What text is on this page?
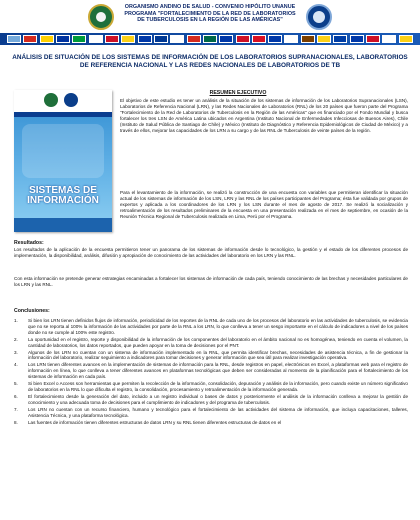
ORGANISMO ANDINO DE SALUD - CONVENIO HIPÓLITO UNANUE
PROGRAMA "FORTALECIMIENTO DE LA RED DE LABORATORIOS
DE TUBERCULOSIS EN LA REGIÓN DE LAS AMÉRICAS"
ANÁLISIS DE SITUACIÓN DE LOS SISTEMAS DE INFORMACIÓN DE LOS LABORATORIOS SUPRANACIONALES, LABORATORIOS DE REFERENCIA NACIONAL Y LAS REDES NACIONALES DE LABORATORIOS DE TB
SISTEMAS DE INFORMACIÓN
RESUMEN EJECUTIVO

El objetivo de este estudio es tener un análisis de la situación de los sistemas de información de los Laboratorios Supranacionales (LSN), Laboratorios de Referencia Nacional (LRN), y las Redes Nacionales de Laboratorios (RNL) de los 20 países que fueron parte del Programa "Fortalecimiento de la Red de Laboratorios de Tuberculosis en la Región de las Américas" que es financiado por el Fondo Mundial y busca fortalecer los tres LSN de América Latina ubicados en Argentina (Instituto Nacional de Enfermedades Infecciosas de Buenos Aires), Chile (Instituto de Salud Pública de Santiago de Chile) y México (Instituto de Diagnóstico y Referencia Epidemiológicos de Ciudad de México) y a través de ellos, mejorar las capacidades de los LRN a su cargo y de las RNL de Tuberculosis de veinte países de la región.

Para el levantamiento de la información, se realizó la construcción de una encuesta con variables que permitieran identificar la situación actual de los sistemas de información de los LSN, LRN y las RNL de los países participantes del Programa; ésta fue validada por grupos de expertos y aplicada a los coordinadores de los LRN y los LSN durante el mes de agosto de 2017. Se realizó la socialización y retroalimentación de los resultados preliminares de la encuesta en una presentación realizada en el mes de septiembre, en ocasión de la Reunión Técnica Regional de Tuberculosis realizada en Lima, Perú por el Programa.

Resultados:

Los resultados de la aplicación de la encuesta permitieron tener un panorama de los sistemas de información desde lo tecnológico, la gestión y el estado de los diferentes procesos de implementación, la disponibilidad, análisis, difusión y apropiación de conocimiento de las actividades del laboratorio en los LRN y las RNL.

Con esta información se pretende generar estrategias encaminadas a fortalecer los sistemas de información de cada país, teniendo conocimiento de las brechas y necesidades particulares de los LRN y las RNL.

Conclusiones:
1.	Si bien los LRN tienen definidos flujos de información, periodicidad de los reportes de la RNL de cada uno de los procesos del laboratorio en las actividades de tuberculosis, se evidencia que no se reporta al 100% la información de las actividades por parte de la RNL a los LRN, lo que conlleva a tener un sesgo importante en el cálculo de indicadores a nivel de los países donde no se cumple al 100% este registro.
2.	La oportunidad en el registro, reporte y disponibilidad de la información de los componentes del laboratorio en el ámbito nacional no es homogénea, teniendo en cuenta el volumen, la cantidad de laboratorios, los datos reportados, que pueden apoyar en la toma de decisiones por el PNT.
3.	Algunos de los LRN no cuentan con un sistema de información implementado en la RNL, que permita identificar brechas, necesidades de asistencia técnica, a fin de gestionar la información del laboratorio, realizar seguimiento a indicadores para tomar decisiones y generar información que sea útil para realizar investigación operativa.
4.	Los LRN tienen diferentes avances en la implementación de sistemas de información para la RNL, desde registros en papel, electrónicos en Excel, a plataformas web para el registro de información en línea, lo que conlleva a tener diferentes avances en plataformas tecnológicas que deben ser consideradas al momento de la planificación para el fortalecimiento de los sistemas de información en cada país.
5.	Si bien Excel o Access son herramientas que permiten la recolección de la información, consolidación, depuración y análisis de la información, pero cuando existe un número significativo de laboratorios en la RNL lo que dificulta el registro, la consolidación, procesamiento y retroalimentación de la información generada.
6.	El fortalecimiento desde la generación del dato, incluido a un registro individual o bases de datos y posteriormente el análisis de la información conlleva a mejorar la gestión de conocimiento y una adecuada toma de decisiones para el cumplimiento de indicadores y del programa de tuberculosis.
7.	Los LRN no cuentan con un recurso financiero, humano y tecnológico para el fortalecimiento de las actividades del sistema de información, que incluya capacitaciones, talleres, Asistencia Técnica, y una plataforma tecnológica.
8.	Las fuentes de información tienen diferentes estructuras de datos LRN y su RNL tienen diferentes estructuras de datos en el
